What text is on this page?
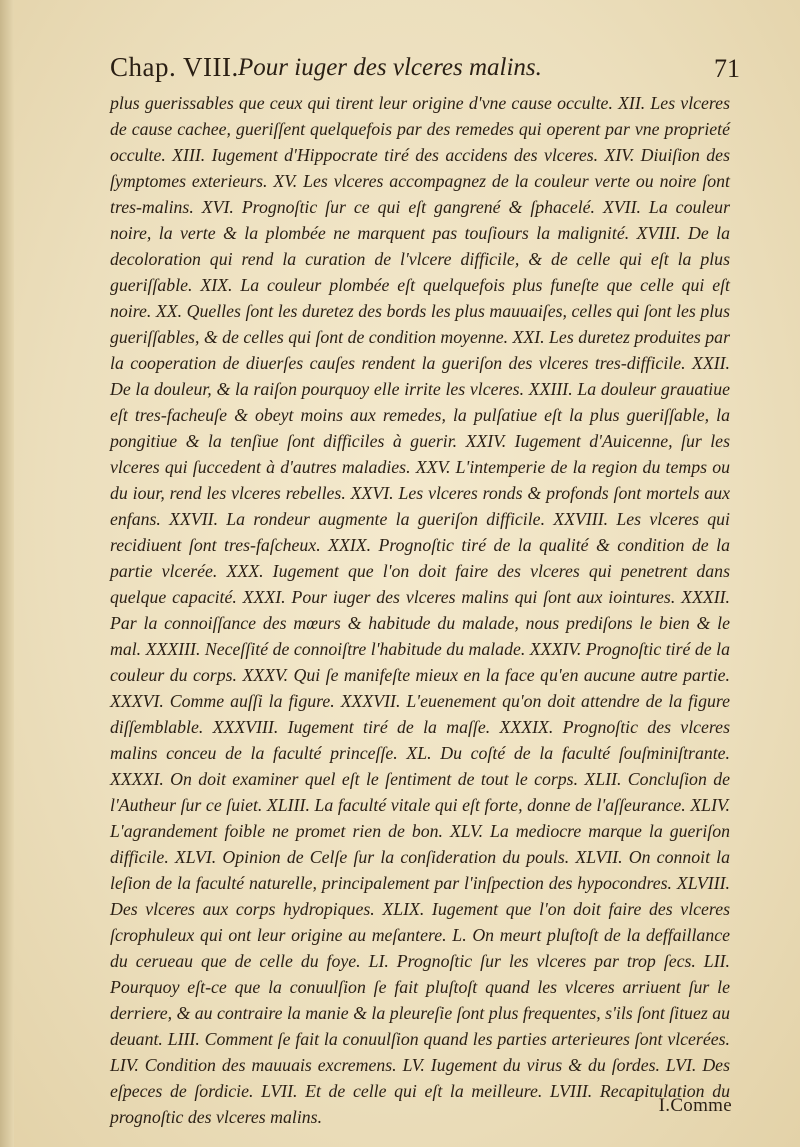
Chap. VIII. Pour iuger des vlceres malins.	71

plus guerissables que ceux qui tirent leur origine d'vne cause occulte. XII. Les vlceres de cause cachee, gueriſſent quelquefois par des remedes qui operent par vne proprieté occulte. XIII. Iugement d'Hippocrate tiré des accidens des vlceres. XIV. Diuiſion des ſymptomes exterieurs. XV. Les vlceres accompagnez de la couleur verte ou noire ſont tres-malins. XVI. Prognoſtic ſur ce qui eſt gangrené & ſphacelé. XVII. La couleur noire, la verte & la plombée ne marquent pas touſiours la malignité. XVIII. De la decoloration qui rend la curation de l'vlcere difficile, & de celle qui eſt la plus gueriſſable. XIX. La couleur plombée eſt quelquefois plus funeſte que celle qui eſt noire. XX. Quelles ſont les duretez des bords les plus mauuaiſes, celles qui ſont les plus gueriſſables, & de celles qui ſont de condition moyenne. XXI. Les duretez produites par la cooperation de diuerſes cauſes rendent la gueriſon des vlceres tres-difficile. XXII. De la douleur, & la raiſon pourquoy elle irrite les vlceres. XXIII. La douleur grauatiue eſt tres-facheuſe & obeyt moins aux remedes, la pulſatiue eſt la plus gueriſſable, la pongitiue & la tenſiue ſont difficiles à guerir. XXIV. Iugement d'Auicenne, ſur les vlceres qui ſuccedent à d'autres maladies. XXV. L'intemperie de la region du temps ou du iour, rend les vlceres rebelles. XXVI. Les vlceres ronds & profonds ſont mortels aux enfans. XXVII. La rondeur augmente la gueriſon difficile. XXVIII. Les vlceres qui recidiuent ſont tres-faſcheux. XXIX. Prognoſtic tiré de la qualité & condition de la partie vlcerée. XXX. Iugement que l'on doit faire des vlceres qui penetrent dans quelque capacité. XXXI. Pour iuger des vlceres malins qui ſont aux iointures. XXXII. Par la connoiſſance des mœurs & habitude du malade, nous prediſons le bien & le mal. XXXIII. Neceſſité de connoiſtre l'habitude du malade. XXXIV. Prognoſtic tiré de la couleur du corps. XXXV. Qui ſe manifeſte mieux en la face qu'en aucune autre partie. XXXVI. Comme auſſi la figure. XXXVII. L'euenement qu'on doit attendre de la figure diſſemblable. XXXVIII. Iugement tiré de la maſſe. XXXIX. Prognoſtic des vlceres malins conceu de la faculté princeſſe. XL. Du coſté de la faculté ſouſminiſtrante. XXXXI. On doit examiner quel eſt le ſentiment de tout le corps. XLII. Concluſion de l'Autheur ſur ce ſuiet. XLIII. La faculté vitale qui eſt forte, donne de l'aſſeurance. XLIV. L'agrandement foible ne promet rien de bon. XLV. La mediocre marque la gueriſon difficile. XLVI. Opinion de Celſe ſur la conſideration du pouls. XLVII. On connoit la leſion de la faculté naturelle, principalement par l'inſpection des hypocondres. XLVIII. Des vlceres aux corps hydropiques. XLIX. Iugement que l'on doit faire des vlceres ſcrophuleux qui ont leur origine au meſantere. L. On meurt pluſtoſt de la deffaillance du cerueau que de celle du foye. LI. Prognoſtic ſur les vlceres par trop ſecs. LII. Pourquoy eſt-ce que la conuulſion ſe fait pluſtoſt quand les vlceres arriuent ſur le derriere, & au contraire la manie & la pleureſie ſont plus frequentes, s'ils ſont ſituez au deuant. LIII. Comment ſe fait la conuulſion quand les parties arterieures ſont vlcerées. LIV. Condition des mauuais excremens. LV. Iugement du virus & du ſordes. LVI. Des eſpeces de ſordicie. LVII. Et de celle qui eſt la meilleure. LVIII. Recapitulation du prognoſtic des vlceres malins.

I.Comme
